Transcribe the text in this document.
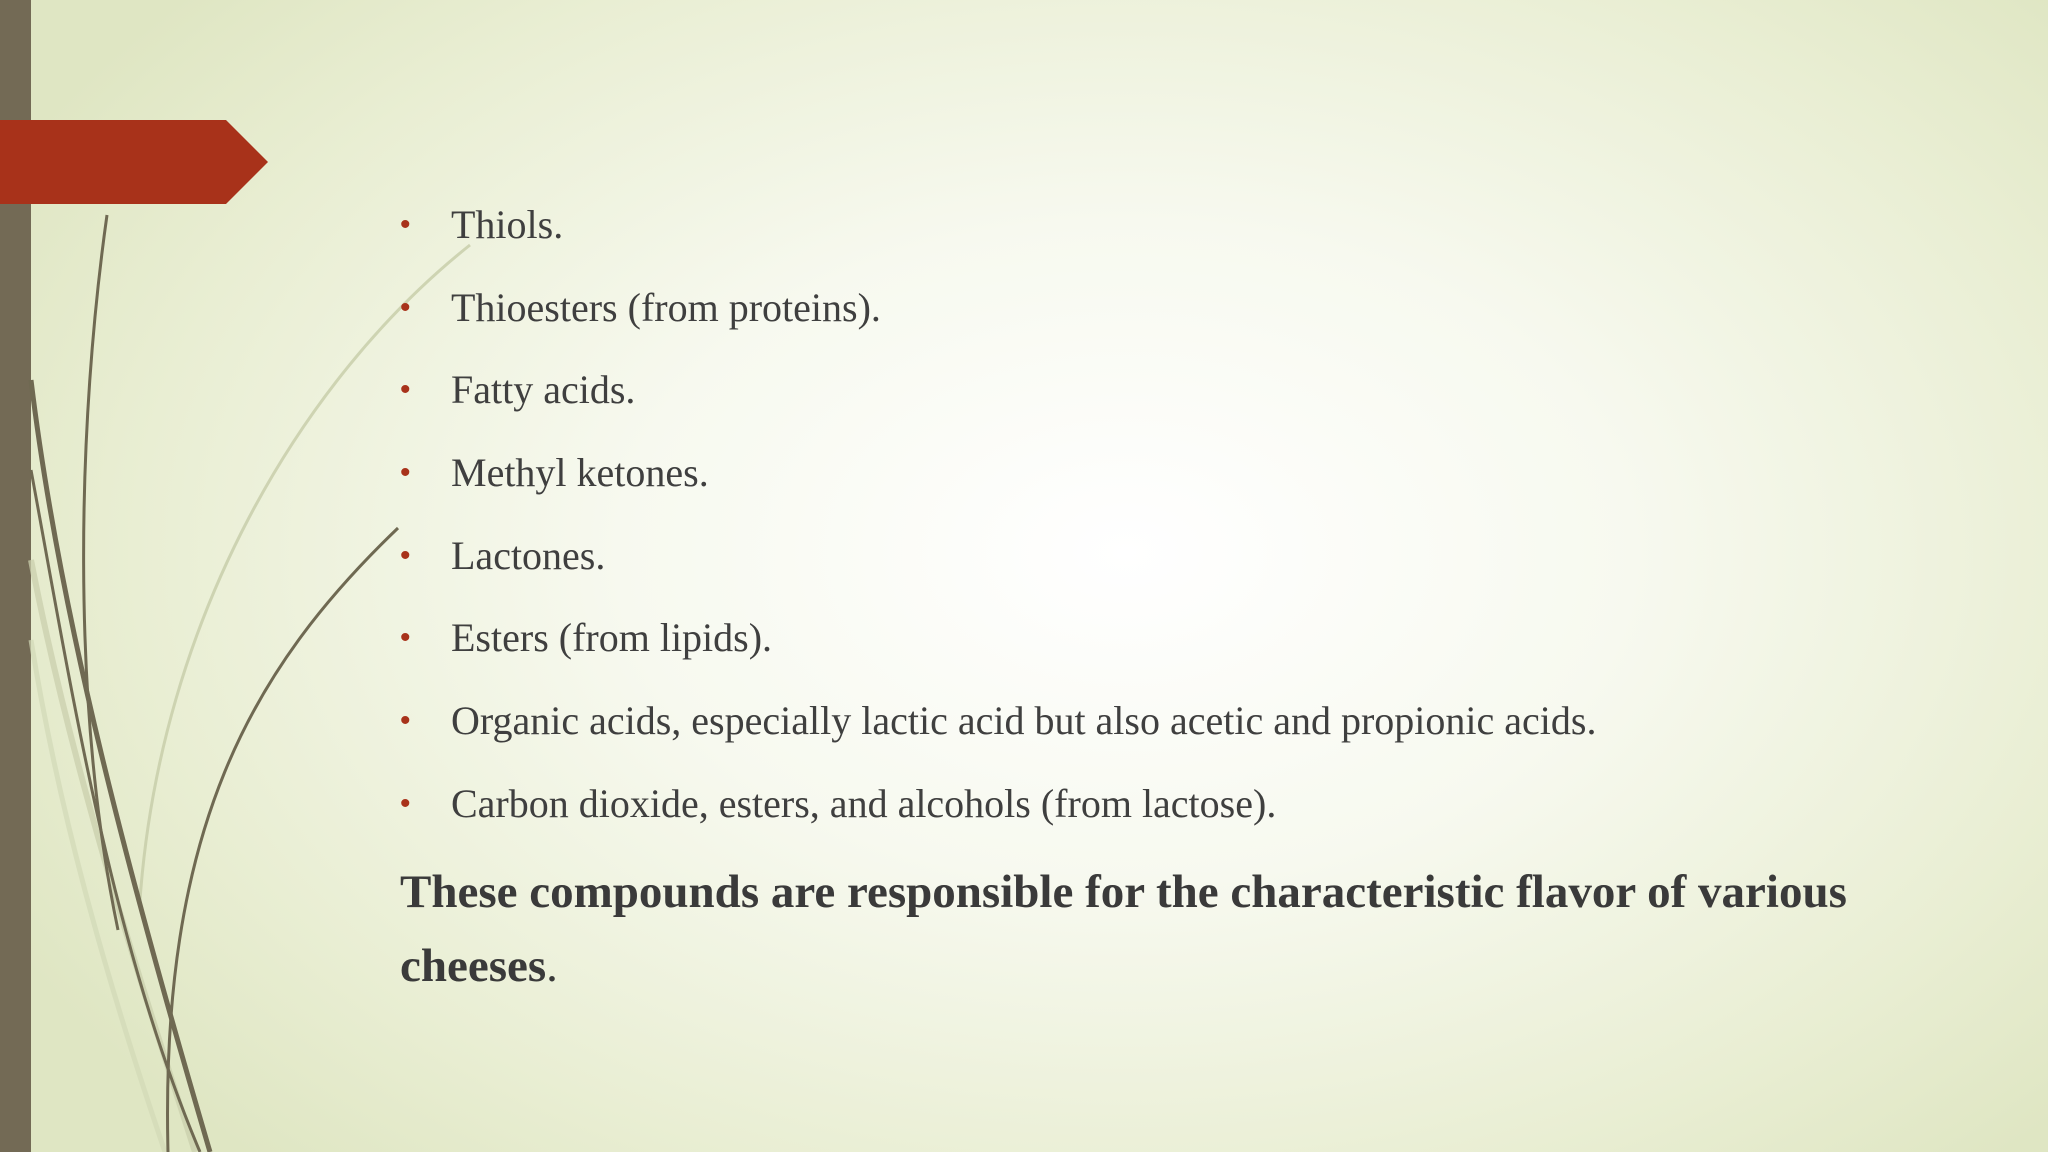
• Thiols.
• Thioesters (from proteins).
• Fatty acids.
• Methyl ketones.
• Lactones.
• Esters (from lipids).
• Organic acids, especially lactic acid but also acetic and propionic acids.
• Carbon dioxide, esters, and alcohols (from lactose).

These compounds are responsible for the characteristic flavor of various cheeses.
